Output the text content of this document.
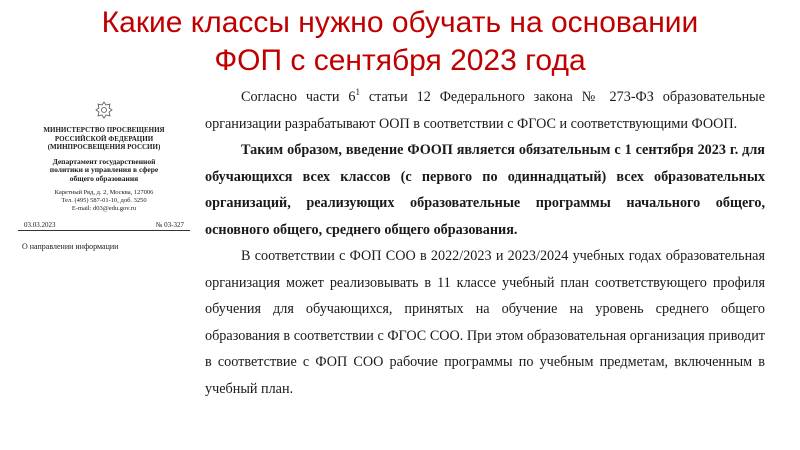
Какие классы нужно обучать на основании
ФОП с сентября 2023 года
МИНИСТЕРСТВО ПРОСВЕЩЕНИЯ
РОССИЙСКОЙ ФЕДЕРАЦИИ
(МИНПРОСВЕЩЕНИЯ РОССИИ)
Департамент государственной
политики и управления в сфере
общего образования
Каретный Ряд, д. 2, Москва, 127006
Тел. (495) 587-01-10, доб. 3250
E-mail: d03@edu.gov.ru
03.03.2023	№ 03-327
О направлении информации

Согласно части $6^1$ статьи 12 Федерального закона № 273-ФЗ образовательные организации разрабатывают ООП в соответствии с ФГОС и соответствующими ФООП.

Таким образом, введение ФООП является обязательным с 1 сентября 2023 г. для обучающихся всех классов (с первого по одиннадцатый) всех образовательных организаций, реализующих образовательные программы начального общего, основного общего, среднего общего образования.

В соответствии с ФОП СОО в 2022/2023 и 2023/2024 учебных годах образовательная организация может реализовывать в 11 классе учебный план соответствующего профиля обучения для обучающихся, принятых на обучение на уровень среднего общего образования в соответствии с ФГОС СОО. При этом образовательная организация приводит в соответствие с ФОП СОО рабочие программы по учебным предметам, включенным в учебный план.
